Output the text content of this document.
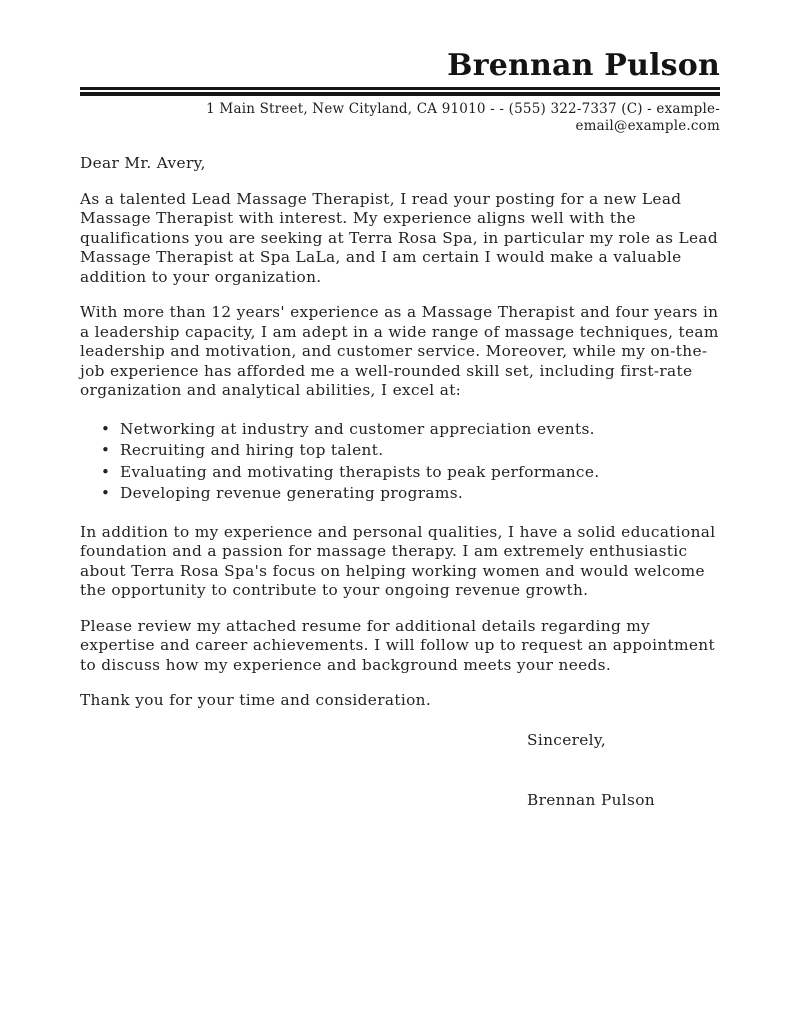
Brennan Pulson
1 Main Street, New Cityland, CA 91010 - - (555) 322-7337 (C) - example-email@example.com

Dear Mr. Avery,

As a talented Lead Massage Therapist, I read your posting for a new Lead Massage Therapist with interest. My experience aligns well with the qualifications you are seeking at Terra Rosa Spa, in particular my role as Lead Massage Therapist at Spa LaLa, and I am certain I would make a valuable addition to your organization.

With more than 12 years' experience as a Massage Therapist and four years in a leadership capacity, I am adept in a wide range of massage techniques, team leadership and motivation, and customer service. Moreover, while my on-the-job experience has afforded me a well-rounded skill set, including first-rate organization and analytical abilities, I excel at:

• Networking at industry and customer appreciation events.
• Recruiting and hiring top talent.
• Evaluating and motivating therapists to peak performance.
• Developing revenue generating programs.

In addition to my experience and personal qualities, I have a solid educational foundation and a passion for massage therapy. I am extremely enthusiastic about Terra Rosa Spa's focus on helping working women and would welcome the opportunity to contribute to your ongoing revenue growth.

Please review my attached resume for additional details regarding my expertise and career achievements. I will follow up to request an appointment to discuss how my experience and background meets your needs.

Thank you for your time and consideration.

Sincerely,

Brennan Pulson
